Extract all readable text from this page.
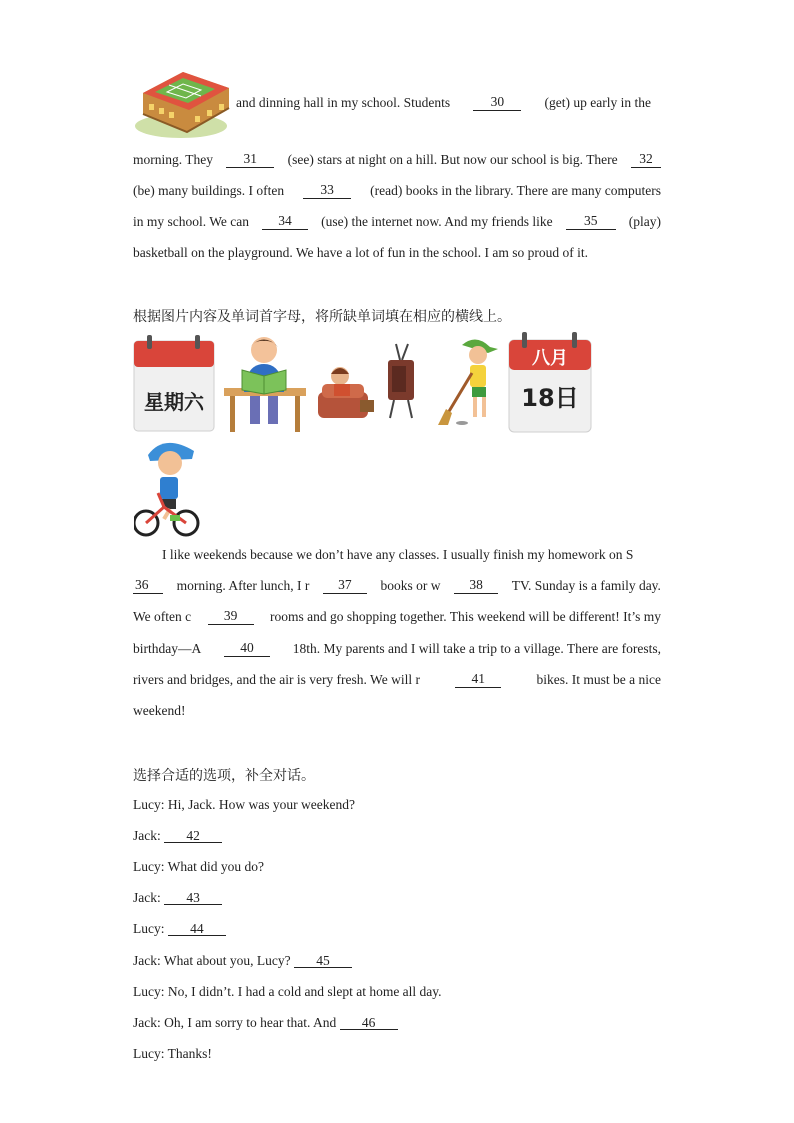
and dinning hall in my school. Students	30	(get) up early in the
morning. They	31	(see) stars at night on a hill. But now our school is big. There	32
(be) many buildings. I often	33	(read) books in the library. There are many computers
in my school. We can	34	(use) the internet now. And my friends like	35	(play)
basketball on the playground. We have a lot of fun in the school. I am so proud of it.
根据图片内容及单词首字母，将所缺单词填在相应的横线上。
星期六
八月
18日
I like weekends because we don’t have any classes. I usually finish my homework on S
36	morning. After lunch, I r	37	books or w	38	TV. Sunday is a family day.
We often c	39	rooms and go shopping together. This weekend will be different! It’s my
birthday—A	40	18th. My parents and I will take a trip to a village. There are forests,
rivers and bridges, and the air is very fresh. We will r	41	bikes. It must be a nice
weekend!
选择合适的选项，补全对话。
Lucy: Hi, Jack. How was your weekend?
Jack: 42
Lucy: What did you do?
Jack: 43
Lucy: 44
Jack: What about you, Lucy? 45
Lucy: No, I didn’t. I had a cold and slept at home all day.
Jack: Oh, I am sorry to hear that. And 46
Lucy: Thanks!
